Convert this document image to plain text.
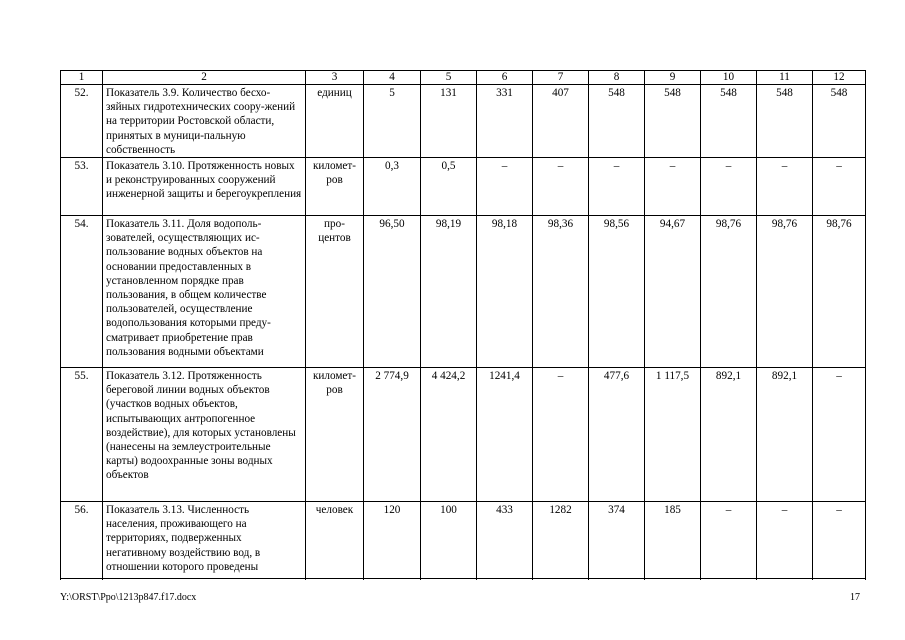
1	2	3	4	5	6	7	8	9	10	11	12
52.	Показатель 3.9. Количество бесхо-зяйных гидротехнических соору-жений на территории Ростовской области, принятых в муници-пальную собственность	единиц	5	131	331	407	548	548	548	548	548
53.	Показатель 3.10. Протяженность новых и реконструированных сооружений инженерной защиты и берегоукрепления	километ-ров	0,3	0,5	–	–	–	–	–	–	–
54.	Показатель 3.11. Доля водополь-зователей, осуществляющих ис-пользование водных объектов на основании предоставленных в установленном порядке прав пользования, в общем количестве пользователей, осуществление водопользования которыми преду-сматривает приобретение прав пользования водными объектами	про-центов	96,50	98,19	98,18	98,36	98,56	94,67	98,76	98,76	98,76
55.	Показатель 3.12. Протяженность береговой линии водных объектов (участков водных объектов, испытывающих антропогенное воздействие), для которых установлены (нанесены на землеустроительные карты) водоохранные зоны водных объектов	километ-ров	2 774,9	4 424,2	1241,4	–	477,6	1 117,5	892,1	892,1	–
56.	Показатель 3.13. Численность населения, проживающего на территориях, подверженных негативному воздействию вод, в отношении которого проведены	человек	120	100	433	1282	374	185	–	–	–
Y:\ORST\Ppo\1213p847.f17.docx	17
